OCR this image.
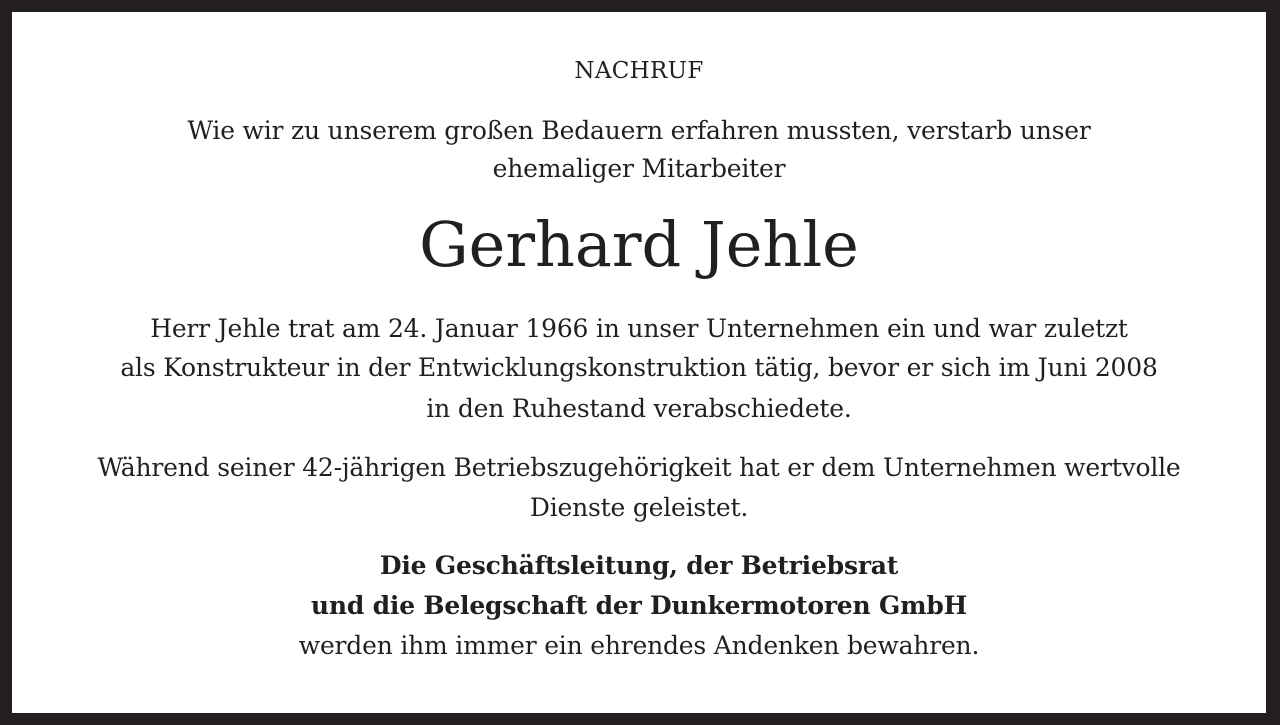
NACHRUF
Wie wir zu unserem großen Bedauern erfahren mussten, verstarb unser
ehemaliger Mitarbeiter
Gerhard Jehle
Herr Jehle trat am 24. Januar 1966 in unser Unternehmen ein und war zuletzt
als Konstrukteur in der Entwicklungskonstruktion tätig, bevor er sich im Juni 2008
in den Ruhestand verabschiedete.
Während seiner 42-jährigen Betriebszugehörigkeit hat er dem Unternehmen wertvolle
Dienste geleistet.
Die Geschäftsleitung, der Betriebsrat
und die Belegschaft der Dunkermotoren GmbH
werden ihm immer ein ehrendes Andenken bewahren.
